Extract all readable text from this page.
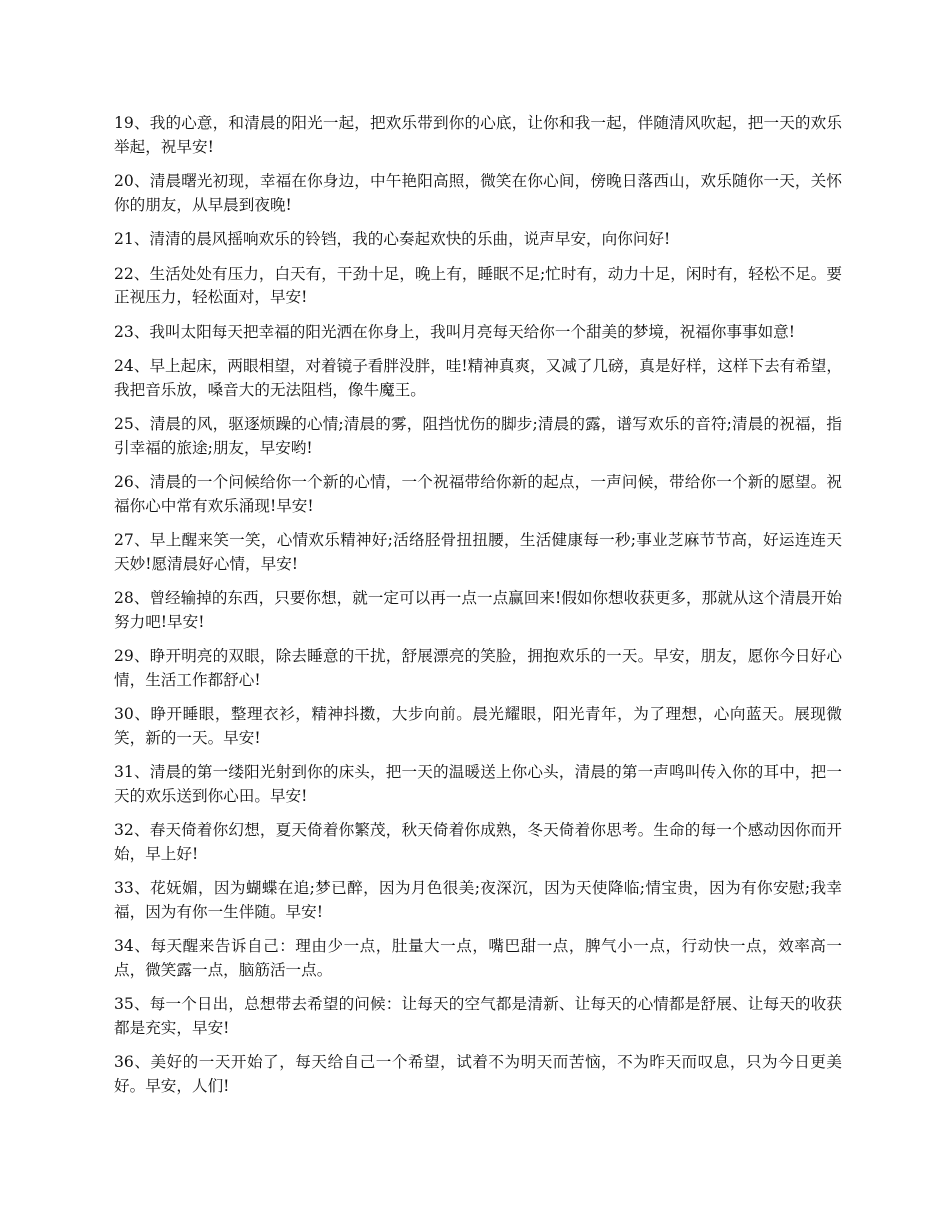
19、我的心意，和清晨的阳光一起，把欢乐带到你的心底，让你和我一起，伴随清风吹起，把一天的欢乐举起，祝早安!

20、清晨曙光初现，幸福在你身边，中午艳阳高照，微笑在你心间，傍晚日落西山，欢乐随你一天，关怀你的朋友，从早晨到夜晚!

21、清清的晨风摇响欢乐的铃铛，我的心奏起欢快的乐曲，说声早安，向你问好!

22、生活处处有压力，白天有，干劲十足，晚上有，睡眠不足;忙时有，动力十足，闲时有，轻松不足。要正视压力，轻松面对，早安!

23、我叫太阳每天把幸福的阳光洒在你身上，我叫月亮每天给你一个甜美的梦境，祝福你事事如意!

24、早上起床，两眼相望，对着镜子看胖没胖，哇!精神真爽，又减了几磅，真是好样，这样下去有希望，我把音乐放，嗓音大的无法阻档，像牛魔王。

25、清晨的风，驱逐烦躁的心情;清晨的雾，阻挡忧伤的脚步;清晨的露，谱写欢乐的音符;清晨的祝福，指引幸福的旅途;朋友，早安哟!

26、清晨的一个问候给你一个新的心情，一个祝福带给你新的起点，一声问候，带给你一个新的愿望。祝福你心中常有欢乐涌现!早安!

27、早上醒来笑一笑，心情欢乐精神好;活络胫骨扭扭腰，生活健康每一秒;事业芝麻节节高，好运连连天天妙!愿清晨好心情，早安!

28、曾经输掉的东西，只要你想，就一定可以再一点一点赢回来!假如你想收获更多，那就从这个清晨开始努力吧!早安!

29、睁开明亮的双眼，除去睡意的干扰，舒展漂亮的笑脸，拥抱欢乐的一天。早安，朋友，愿你今日好心情，生活工作都舒心!

30、睁开睡眼，整理衣衫，精神抖擞，大步向前。晨光耀眼，阳光青年，为了理想，心向蓝天。展现微笑，新的一天。早安!

31、清晨的第一缕阳光射到你的床头，把一天的温暖送上你心头，清晨的第一声鸣叫传入你的耳中，把一天的欢乐送到你心田。早安!

32、春天倚着你幻想，夏天倚着你繁茂，秋天倚着你成熟，冬天倚着你思考。生命的每一个感动因你而开始，早上好!

33、花妩媚，因为蝴蝶在追;梦已醉，因为月色很美;夜深沉，因为天使降临;情宝贵，因为有你安慰;我幸福，因为有你一生伴随。早安!

34、每天醒来告诉自己：理由少一点，肚量大一点，嘴巴甜一点，脾气小一点，行动快一点，效率高一点，微笑露一点，脑筋活一点。

35、每一个日出，总想带去希望的问候：让每天的空气都是清新、让每天的心情都是舒展、让每天的收获都是充实，早安!

36、美好的一天开始了，每天给自己一个希望，试着不为明天而苦恼，不为昨天而叹息，只为今日更美好。早安，人们!
